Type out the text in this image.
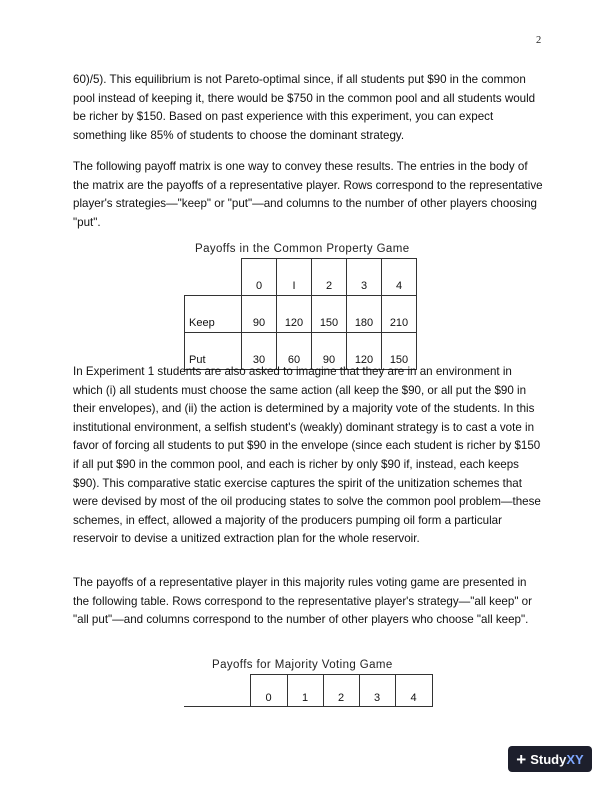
2

60)/5). This equilibrium is not Pareto-optimal since, if all students put $90 in the common pool instead of keeping it, there would be $750 in the common pool and all students would be richer by $150. Based on past experience with this experiment, you can expect something like 85% of students to choose the dominant strategy.

The following payoff matrix is one way to convey these results. The entries in the body of the matrix are the payoffs of a representative player. Rows correspond to the representative player's strategies—"keep" or "put"—and columns to the number of other players choosing "put".

Payoffs in the Common Property Game
	0	I	2	3	4
Keep	90	120	150	180	210
Put	30	60	90	120	150

In Experiment 1 students are also asked to imagine that they are in an environment in which (i) all students must choose the same action (all keep the $90, or all put the $90 in their envelopes), and (ii) the action is determined by a majority vote of the students. In this institutional environment, a selfish student's (weakly) dominant strategy is to cast a vote in favor of forcing all students to put $90 in the envelope (since each student is richer by $150 if all put $90 in the common pool, and each is richer by only $90 if, instead, each keeps $90). This comparative static exercise captures the spirit of the unitization schemes that were devised by most of the oil producing states to solve the common pool problem—these schemes, in effect, allowed a majority of the producers pumping oil form a particular reservoir to devise a unitized extraction plan for the whole reservoir.

The payoffs of a representative player in this majority rules voting game are presented in the following table. Rows correspond to the representative player's strategy—"all keep" or "all put"—and columns correspond to the number of other players who choose "all keep".

Payoffs for Majority Voting Game
	0	1	2	3	4
+ Study XY
